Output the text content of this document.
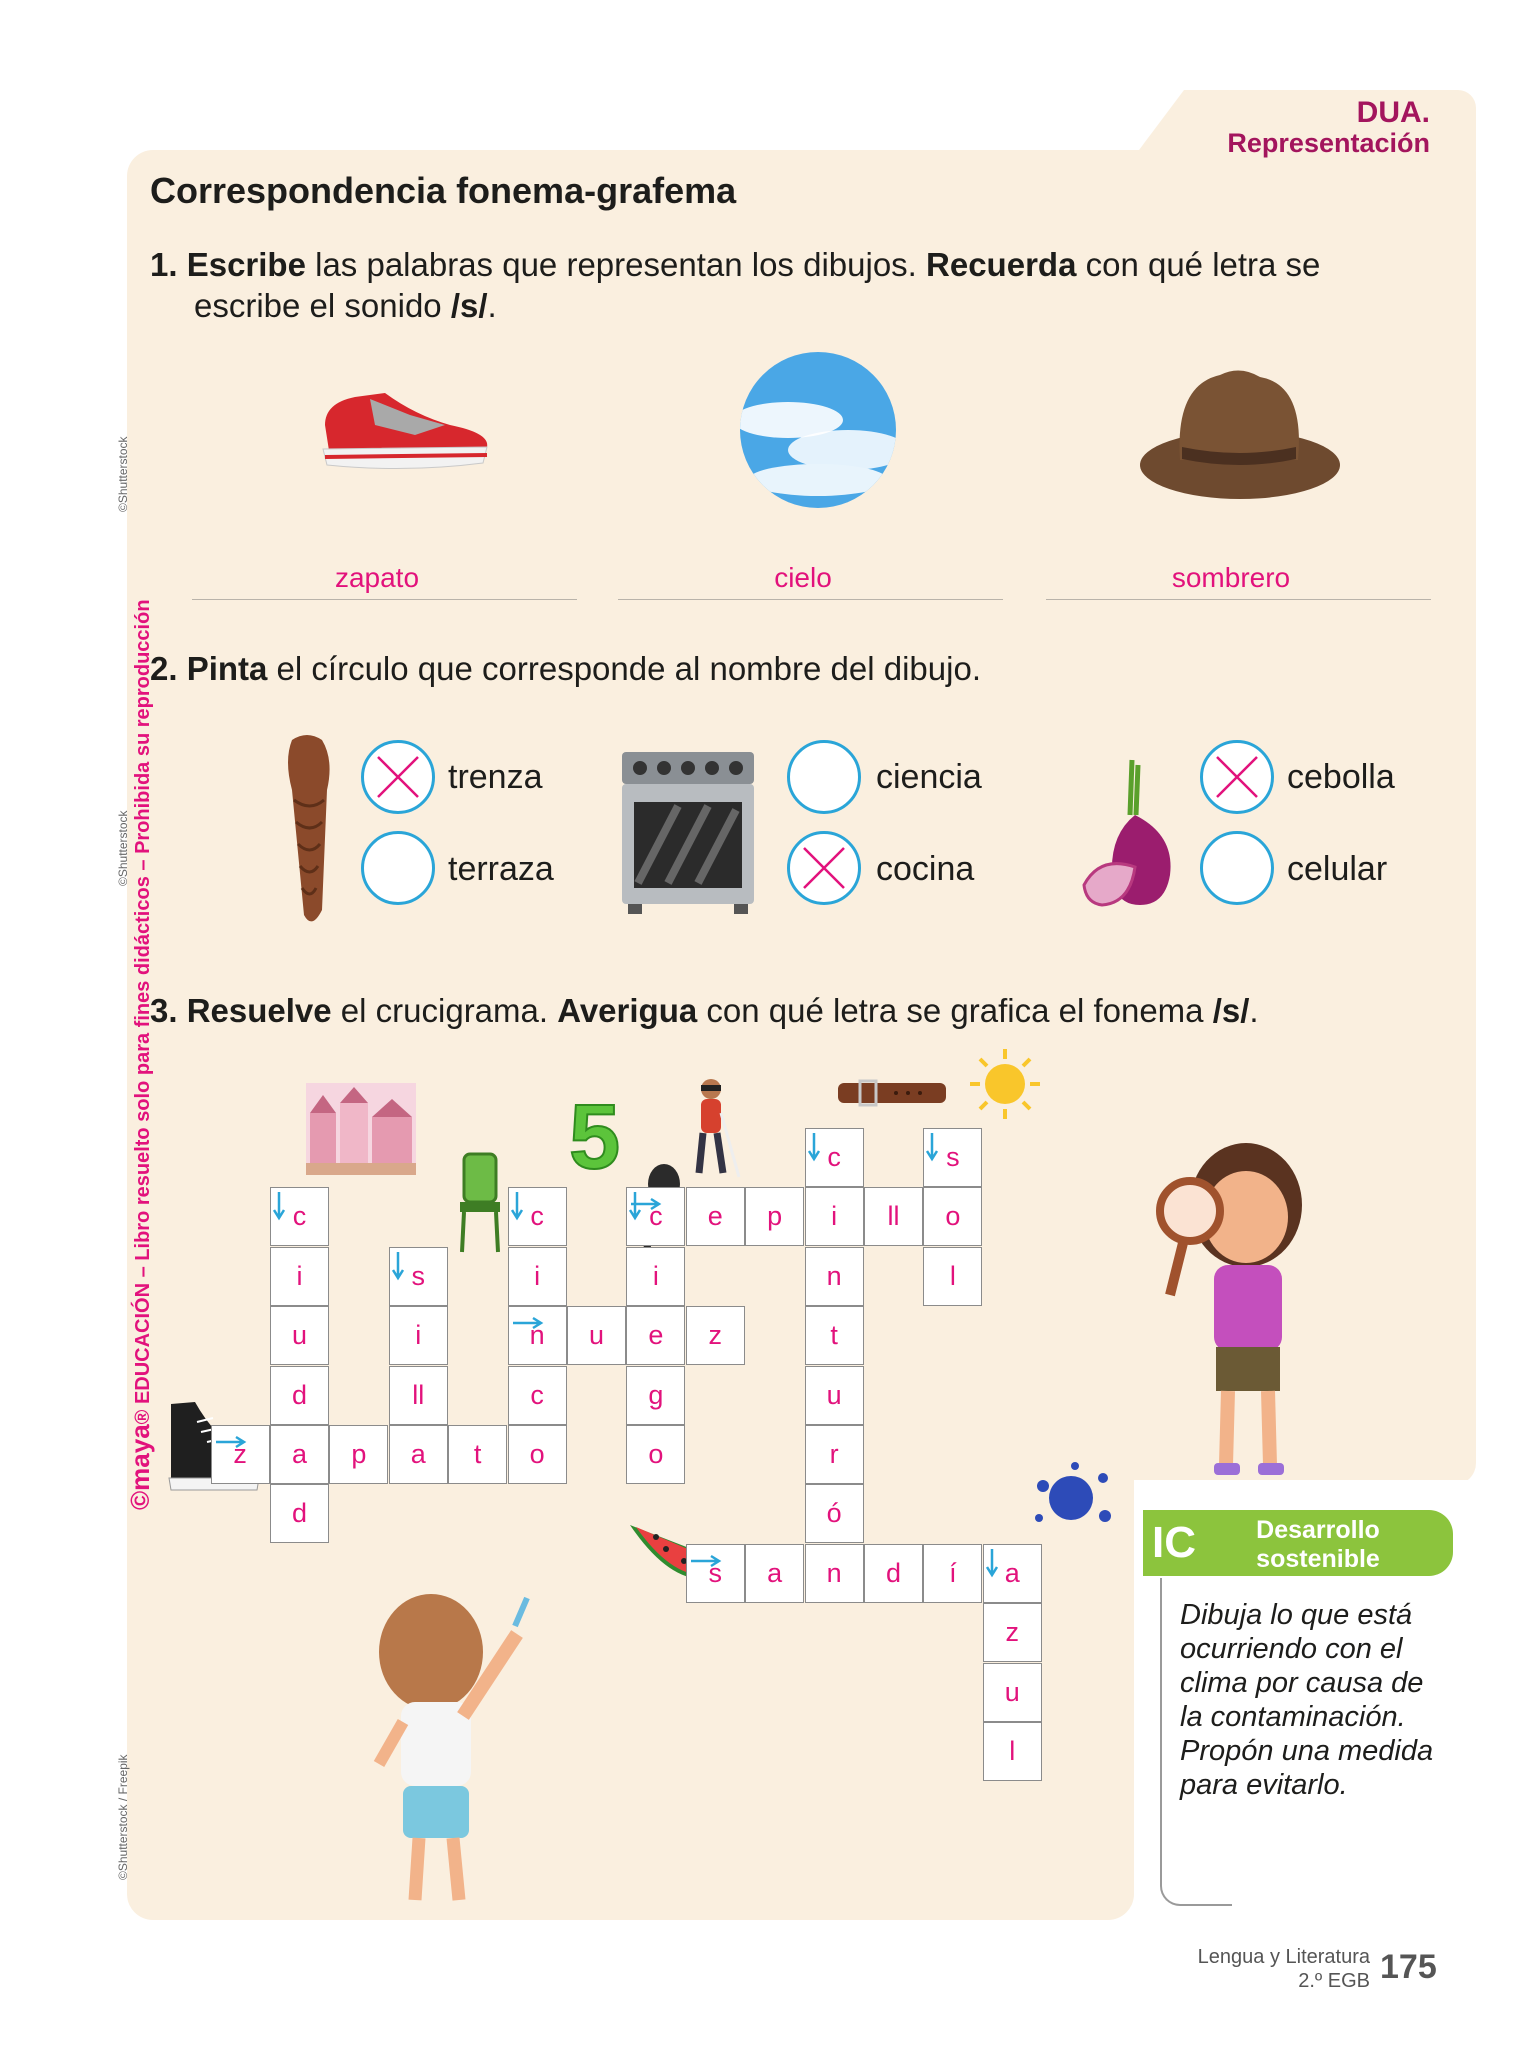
DUA.
Representación
©maya® EDUCACIÓN – Libro resuelto solo para fines didácticos – Prohibida su reproducción
©Shutterstock
©Shutterstock
©Shutterstock / Freepik
Correspondencia fonema-grafema
1. Escribe las palabras que representan los dibujos. Recuerda con qué letra se
escribe el sonido /s/.
zapato	cielo	sombrero
2. Pinta el círculo que corresponde al nombre del dibujo.
trenza
terraza
ciencia
cocina
cebolla
celular
3. Resuelve el crucigrama. Averigua con qué letra se grafica el fonema /s/.
5
c
i
u
d
a
d
z	p	a	t	o
s
i
ll
c
i
n
c
u	e	z
c	e	p	i	ll	o
i
g
o
c
n
t
u
r
ó
n
s
l
s	a	d	í	a
z
u
l
IC	Desarrollo
sostenible
Dibuja lo que está ocurriendo con el clima por causa de la contaminación. Propón una medida para evitarlo.
Lengua y Literatura
2.º EGB 175
